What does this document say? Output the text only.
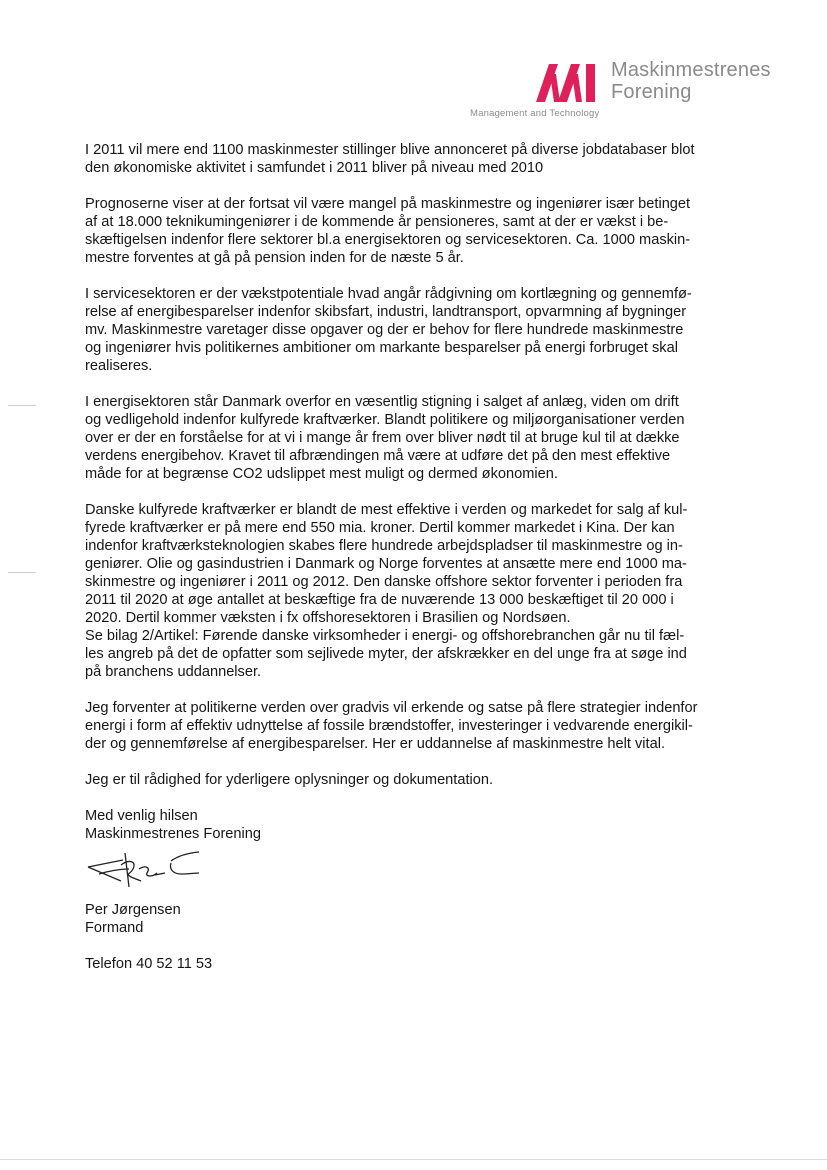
Maskinmestrenes
Forening
Management and Technology

I 2011 vil mere end 1100 maskinmester stillinger blive annonceret på diverse jobdatabaser blot
den økonomiske aktivitet i samfundet i 2011 bliver på niveau med 2010

Prognoserne viser at der fortsat vil være mangel på maskinmestre og ingeniører især betinget
af at 18.000 teknikumingeniører i de kommende år pensioneres, samt at der er vækst i be-
skæftigelsen indenfor flere sektorer bl.a energisektoren og servicesektoren. Ca. 1000 maskin-
mestre forventes at gå på pension inden for de næste 5 år.

I servicesektoren er der vækstpotentiale hvad angår rådgivning om kortlægning og gennemfø-
relse af energibesparelser indenfor skibsfart, industri, landtransport, opvarmning af bygninger
mv. Maskinmestre varetager disse opgaver og der er behov for flere hundrede maskinmestre
og ingeniører hvis politikernes ambitioner om markante besparelser på energi forbruget skal
realiseres.

I energisektoren står Danmark overfor en væsentlig stigning i salget af anlæg, viden om drift
og vedligehold indenfor kulfyrede kraftværker. Blandt politikere og miljøorganisationer verden
over er der en forståelse for at vi i mange år frem over bliver nødt til at bruge kul til at dække
verdens energibehov. Kravet til afbrændingen må være at udføre det på den mest effektive
måde for at begrænse CO2 udslippet mest muligt og dermed økonomien.

Danske kulfyrede kraftværker er blandt de mest effektive i verden og markedet for salg af kul-
fyrede kraftværker er på mere end 550 mia. kroner. Dertil kommer markedet i Kina. Der kan
indenfor kraftværksteknologien skabes flere hundrede arbejdspladser til maskinmestre og in-
geniører. Olie og gasindustrien i Danmark og Norge forventes at ansætte mere end 1000 ma-
skinmestre og ingeniører i 2011 og 2012. Den danske offshore sektor forventer i perioden fra
2011 til 2020 at øge antallet at beskæftige fra de nuværende 13 000 beskæftiget til 20 000 i
2020. Dertil kommer væksten i fx offshoresektoren i Brasilien og Nordsøen.
Se bilag 2/Artikel: Førende danske virksomheder i energi- og offshorebranchen går nu til fæl-
les angreb på det de opfatter som sejlivede myter, der afskrækker en del unge fra at søge ind
på branchens uddannelser.

Jeg forventer at politikerne verden over gradvis vil erkende og satse på flere strategier indenfor
energi i form af effektiv udnyttelse af fossile brændstoffer, investeringer i vedvarende energikil-
der og gennemførelse af energibesparelser. Her er uddannelse af maskinmestre helt vital.

Jeg er til rådighed for yderligere oplysninger og dokumentation.

Med venlig hilsen

Maskinmestrenes Forening

Per Jørgensen

Formand

Telefon 40 52 11 53
